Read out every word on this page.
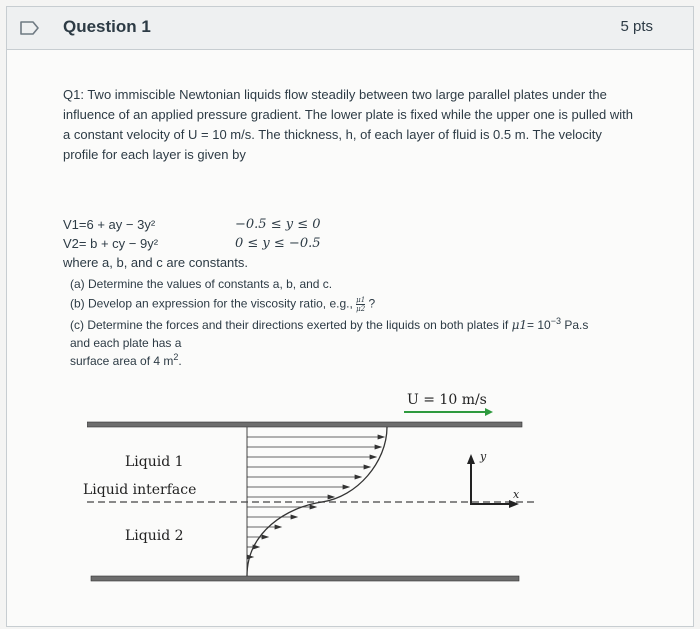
Question 1	5 pts

Q1: Two immiscible Newtonian liquids flow steadily between two large parallel plates under the influence of an applied pressure gradient. The lower plate is fixed while the upper one is pulled with a constant velocity of U = 10 m/s. The thickness, h, of each layer of fluid is 0.5 m. The velocity

profile for each layer is given by

V1=6 + ay − 3y²	−0.5 ≤ y ≤ 0
V2= b + cy − 9y²	0 ≤ y ≤ −0.5
where a, b, and c are constants.
(a) Determine the values of constants a, b, and c.
(b) Develop an expression for the viscosity ratio, e.g., $\frac{\mu 1}{\mu 2}$ ?
(c) Determine the forces and their directions exerted by the liquids on both plates if $\mu 1= 10^{-3}$ Pa.s
and each plate has a
surface area of 4 $m^2$.
U = 10 m/s
Liquid 1
Liquid interface
Liquid 2
y
x
